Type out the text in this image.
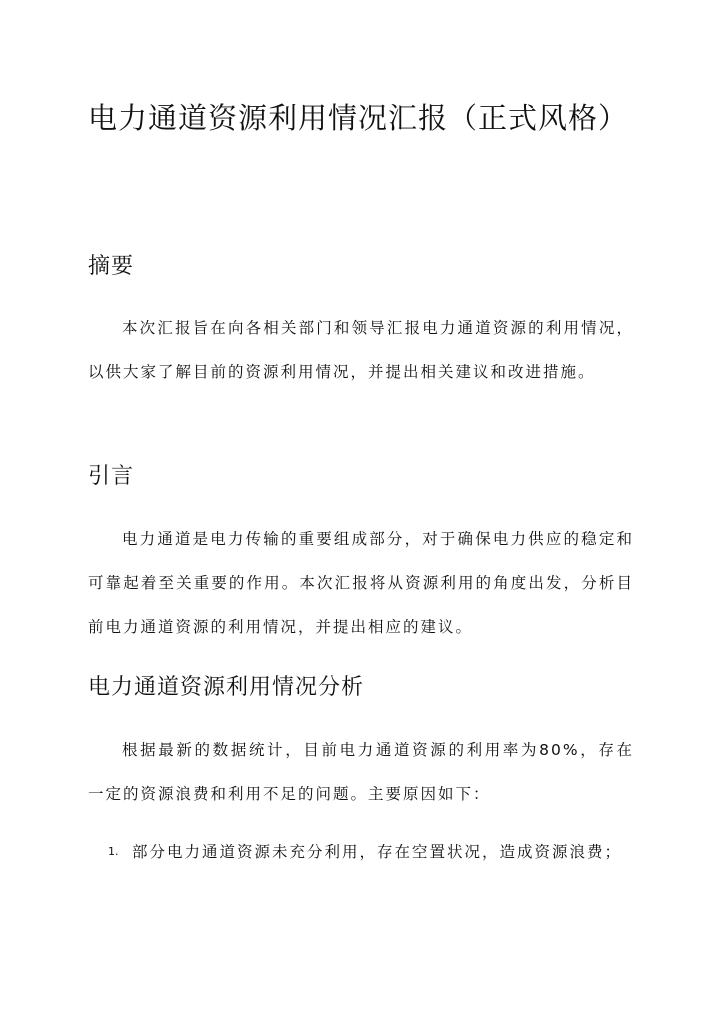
电力通道资源利用情况汇报（正式风格）
摘要

本次汇报旨在向各相关部门和领导汇报电力通道资源的利用情况，以供大家了解目前的资源利用情况，并提出相关建议和改进措施。

引言

电力通道是电力传输的重要组成部分，对于确保电力供应的稳定和可靠起着至关重要的作用。本次汇报将从资源利用的角度出发，分析目前电力通道资源的利用情况，并提出相应的建议。

电力通道资源利用情况分析

根据最新的数据统计，目前电力通道资源的利用率为80%，存在一定的资源浪费和利用不足的问题。主要原因如下：

1. 部分电力通道资源未充分利用，存在空置状况，造成资源浪费；
